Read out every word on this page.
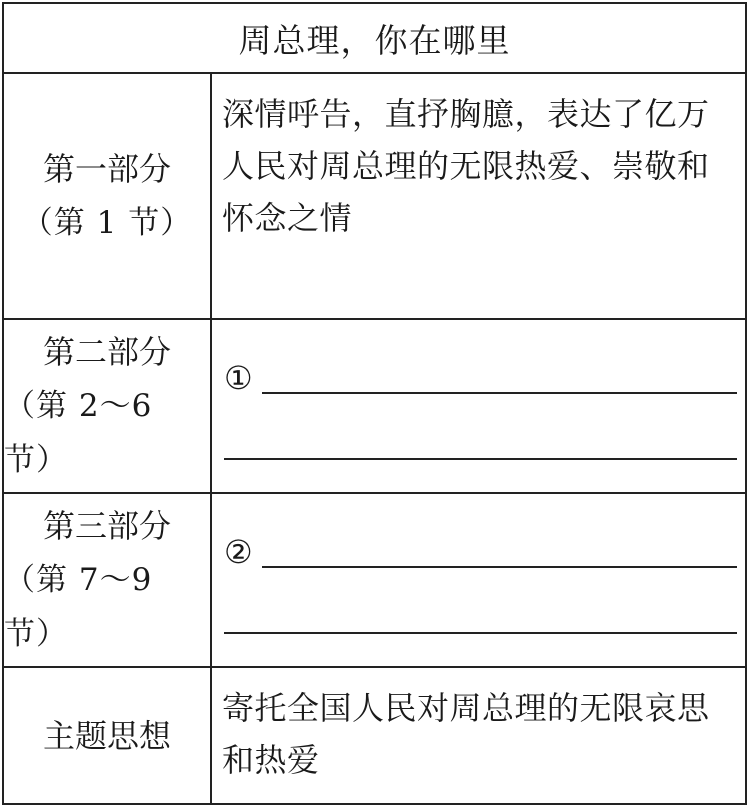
周总理，你在哪里
第一部分
（第 1 节）
深情呼告，直抒胸臆，表达了亿万人民对周总理的无限热爱、崇敬和怀念之情
第二部分
（第 2～6 节）
①
第三部分
（第 7～9 节）
②
主题思想
寄托全国人民对周总理的无限哀思和热爱
